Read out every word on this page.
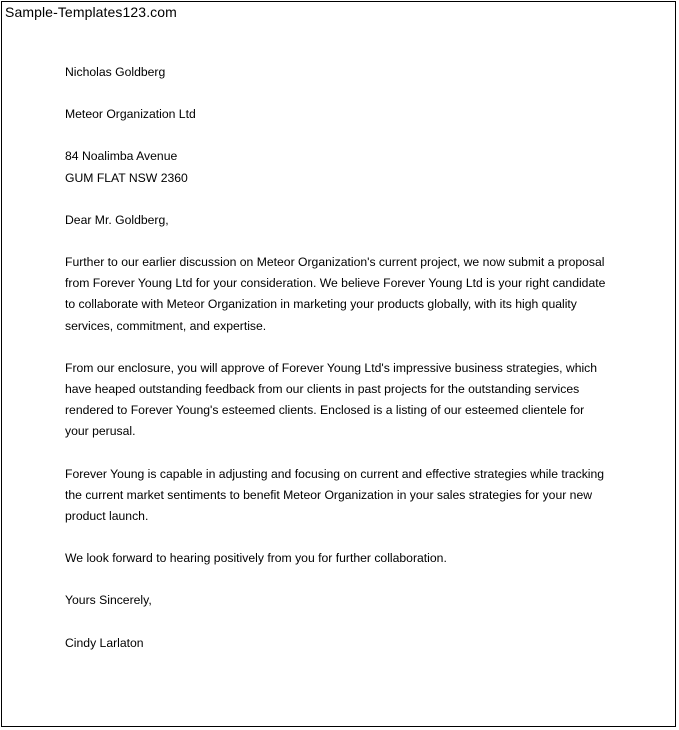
Sample-Templates123.com
Nicholas Goldberg
Meteor Organization Ltd
84 Noalimba Avenue
GUM FLAT NSW 2360
Dear Mr. Goldberg,
Further to our earlier discussion on Meteor Organization's current project, we now submit a proposal
from Forever Young Ltd for your consideration. We believe Forever Young Ltd is your right candidate
to collaborate with Meteor Organization in marketing your products globally, with its high quality
services, commitment, and expertise.
From our enclosure, you will approve of Forever Young Ltd's impressive business strategies, which
have heaped outstanding feedback from our clients in past projects for the outstanding services
rendered to Forever Young's esteemed clients. Enclosed is a listing of our esteemed clientele for
your perusal.
Forever Young is capable in adjusting and focusing on current and effective strategies while tracking
the current market sentiments to benefit Meteor Organization in your sales strategies for your new
product launch.
We look forward to hearing positively from you for further collaboration.
Yours Sincerely,
Cindy Larlaton
